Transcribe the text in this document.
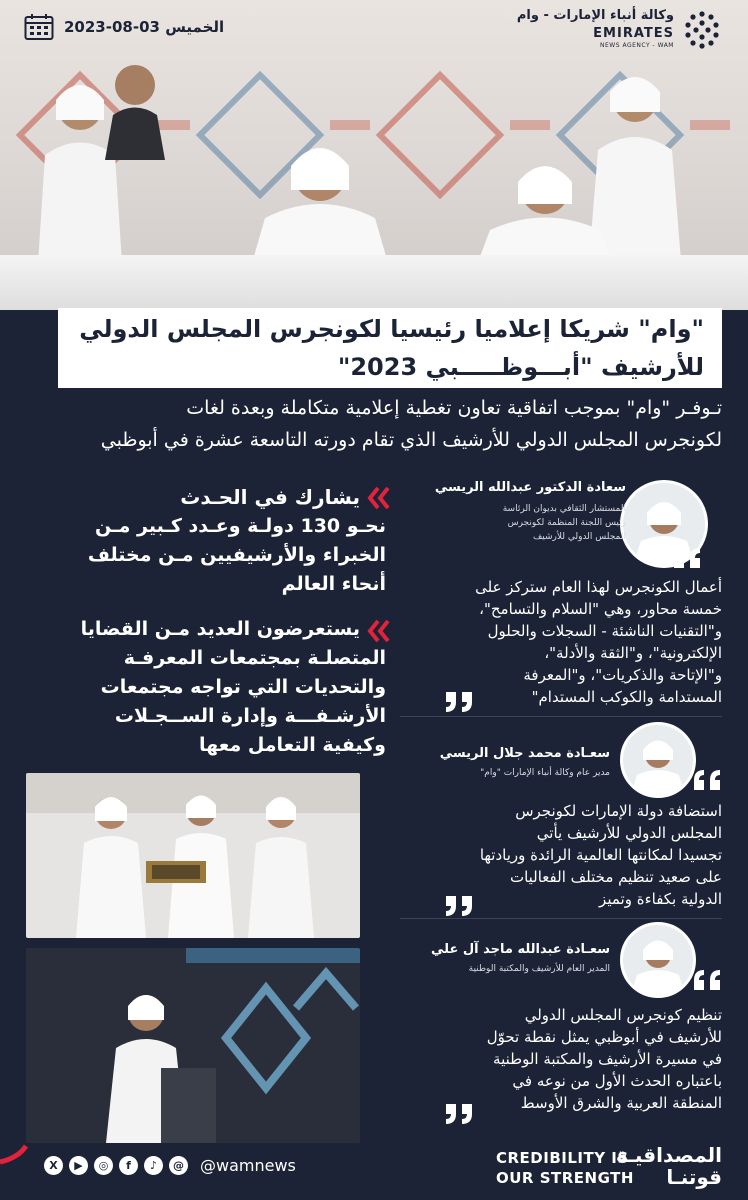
وكالة أنباء الإمارات - وام
EMIRATES
NEWS AGENCY - WAM
الخميس 03-08-2023
"وام" شريكا إعلاميا رئيسيا لكونجرس المجلس الدولي
للأرشيف "أبـــوظـــــبي 2023"
تـوفـر "وام" بموجب اتفاقية تعاون تغطية إعلامية متكاملة وبعدة لغات
لكونجرس المجلس الدولي للأرشيف الذي تقام دورته التاسعة عشرة في أبوظبي
يشارك في الحـدث
نحـو 130 دولـة وعـدد كـبير مـن
الخبراء والأرشيفيين مـن مختلف
أنحاء العالم
يستعرضون العديد مـن القضايا
المتصلـة بمجتمعات المعرفـة
والتحديات التي تواجه مجتمعات
الأرشـفـــة وإدارة الســجـلات
وكيفية التعامل معها
سعادة الدكتور عبدالله الريسي
المستشار الثقافي بديوان الرئاسة
رئيس اللجنة المنظمة لكونجرس
المجلس الدولي للأرشيف
أعمال الكونجرس لهذا العام ستركز على
خمسة محاور، وهي "السلام والتسامح"،
و"التقنيات الناشئة - السجلات والحلول
الإلكترونية"، و"الثقة والأدلة"،
و"الإتاحة والذكريات"، و"المعرفة
المستدامة والكوكب المستدام"
سعـادة محمد جلال الريسي
مدير عام وكالة أنباء الإمارات "وام"
استضافة دولة الإمارات لكونجرس
المجلس الدولي للأرشيف يأتي
تجسيدا لمكانتها العالمية الرائدة وريادتها
على صعيد تنظيم مختلف الفعاليات
الدولية بكفاءة وتميز
سعـادة عبدالله ماجد آل علي
المدير العام للأرشيف والمكتبة الوطنية
تنظيم كونجرس المجلس الدولي
للأرشيف في أبوظبي يمثل نقطة تحوّل
في مسيرة الأرشيف والمكتبة الوطنية
باعتباره الحدث الأول من نوعه في
المنطقة العربية والشرق الأوسط
X	▶	◎	f	♪	@ @wamnews	CREDIBILITY IS
OUR STRENGTH
المصداقيـة
قوتنـا
